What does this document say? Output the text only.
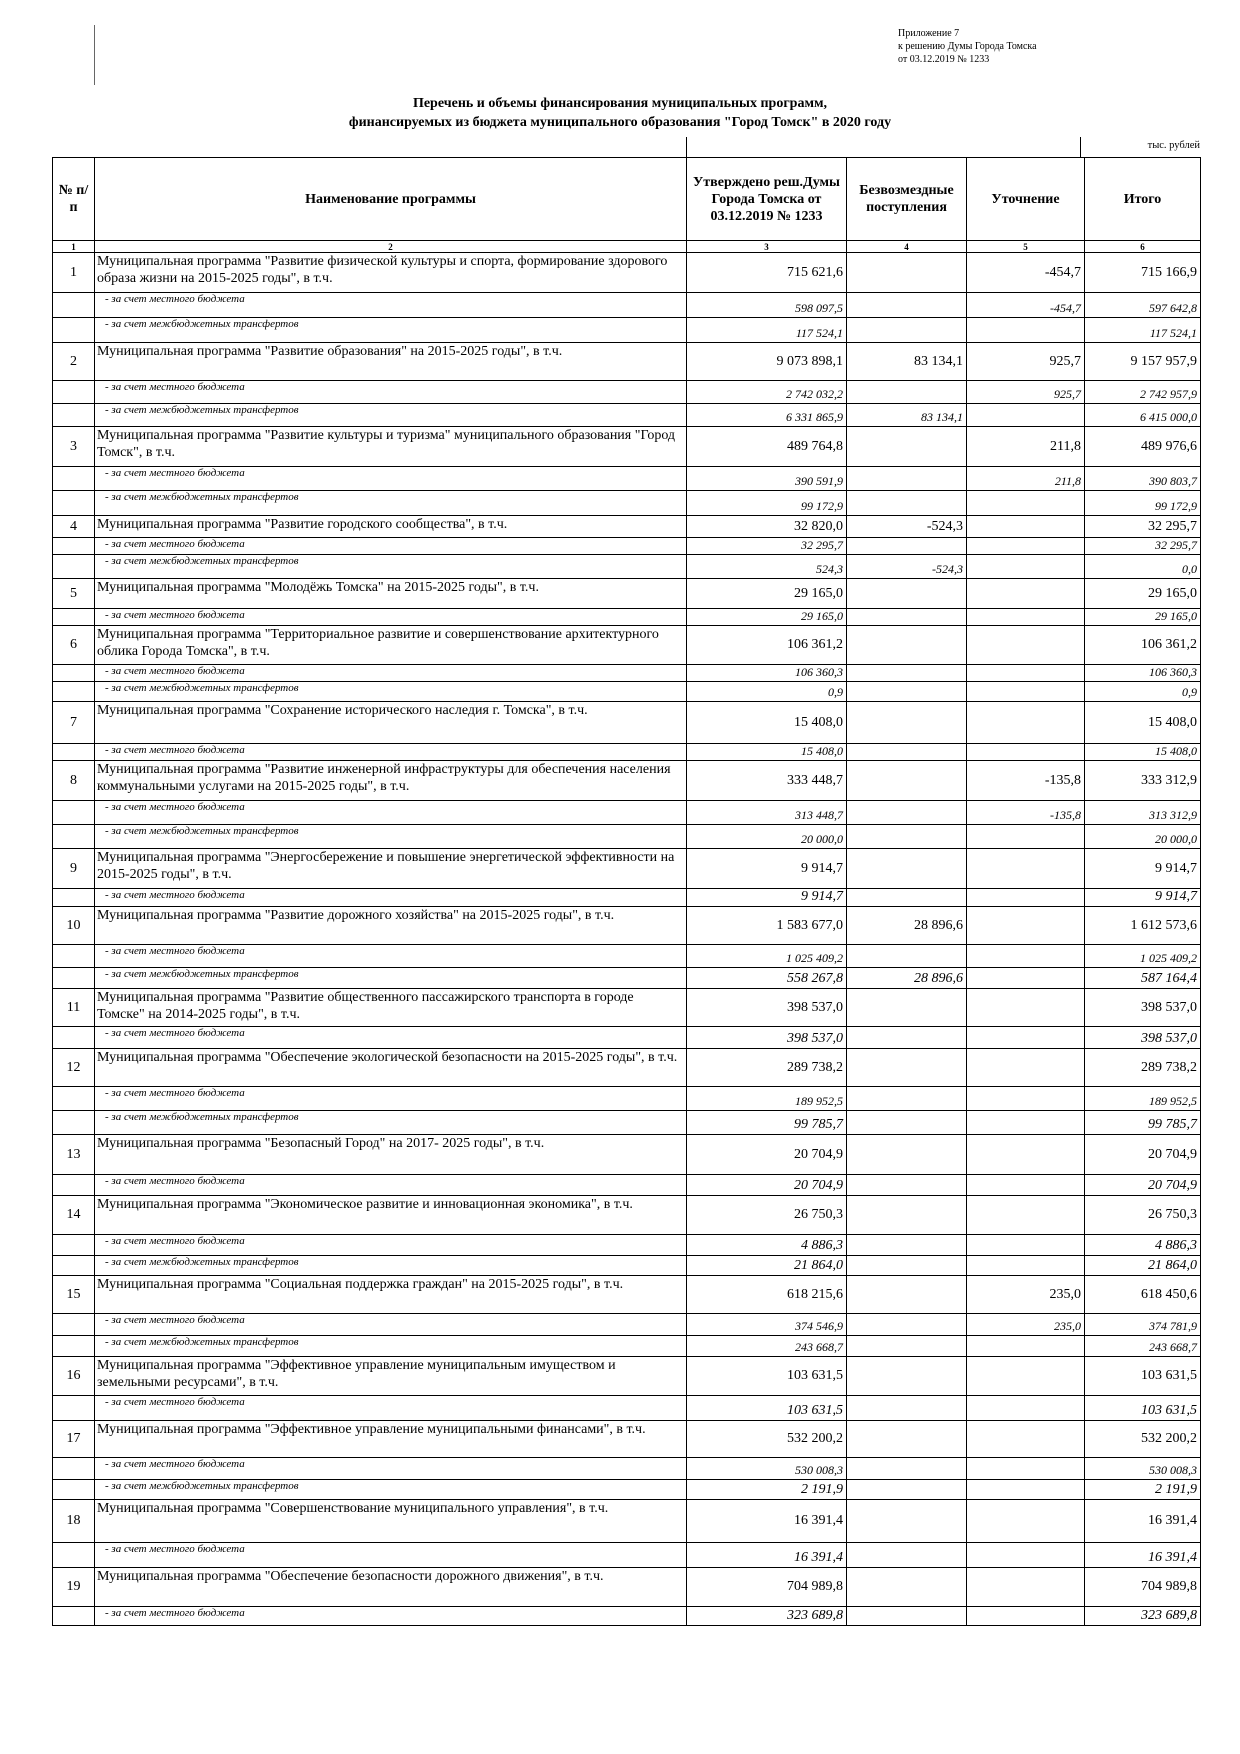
Приложение 7
к решению Думы Города Томска
от 03.12.2019 № 1233
Перечень и объемы финансирования муниципальных программ,
финансируемых из бюджета муниципального образования "Город Томск" в 2020 году
тыс. рублей
№ п/п	Наименование программы	Утверждено реш.Думы Города Томска от 03.12.2019 № 1233	Безвозмездные поступления	Уточнение	Итого
1	2	3	4	5	6
1	Муниципальная программа "Развитие физической культуры и спорта, формирование здорового образа жизни на 2015-2025 годы", в т.ч.	715 621,6		-454,7	715 166,9
	- за счет местного бюджета	598 097,5		-454,7	597 642,8
	- за счет межбюджетных трансфертов	117 524,1			117 524,1
2	Муниципальная программа "Развитие образования" на 2015-2025 годы", в т.ч.	9 073 898,1	83 134,1	925,7	9 157 957,9
	- за счет местного бюджета	2 742 032,2		925,7	2 742 957,9
	- за счет межбюджетных трансфертов	6 331 865,9	83 134,1		6 415 000,0
3	Муниципальная программа "Развитие культуры и туризма" муниципального образования "Город Томск", в т.ч.	489 764,8		211,8	489 976,6
	- за счет местного бюджета	390 591,9		211,8	390 803,7
	- за счет межбюджетных трансфертов	99 172,9			99 172,9
4	Муниципальная программа "Развитие городского сообщества", в т.ч.	32 820,0	-524,3		32 295,7
	- за счет местного бюджета	32 295,7			32 295,7
	- за счет межбюджетных трансфертов	524,3	-524,3		0,0
5	Муниципальная программа "Молодёжь Томска" на 2015-2025 годы", в т.ч.	29 165,0			29 165,0
	- за счет местного бюджета	29 165,0			29 165,0
6	Муниципальная программа "Территориальное развитие и совершенствование архитектурного облика Города Томска", в т.ч.	106 361,2			106 361,2
	- за счет местного бюджета	106 360,3			106 360,3
	- за счет межбюджетных трансфертов	0,9			0,9
7	Муниципальная программа "Сохранение исторического наследия г. Томска", в т.ч.	15 408,0			15 408,0
	- за счет местного бюджета	15 408,0			15 408,0
8	Муниципальная программа "Развитие инженерной инфраструктуры для обеспечения населения коммунальными услугами на 2015-2025 годы", в т.ч.	333 448,7		-135,8	333 312,9
	- за счет местного бюджета	313 448,7		-135,8	313 312,9
	- за счет межбюджетных трансфертов	20 000,0			20 000,0
9	Муниципальная программа "Энергосбережение и повышение энергетической эффективности на 2015-2025 годы", в т.ч.	9 914,7			9 914,7
	- за счет местного бюджета	9 914,7			9 914,7
10	Муниципальная программа "Развитие дорожного хозяйства" на 2015-2025 годы", в т.ч.	1 583 677,0	28 896,6		1 612 573,6
	- за счет местного бюджета	1 025 409,2			1 025 409,2
	- за счет межбюджетных трансфертов	558 267,8	28 896,6		587 164,4
11	Муниципальная программа "Развитие общественного пассажирского транспорта в городе Томске" на 2014-2025 годы", в т.ч.	398 537,0			398 537,0
	- за счет местного бюджета	398 537,0			398 537,0
12	Муниципальная программа "Обеспечение экологической безопасности на 2015-2025 годы", в т.ч.	289 738,2			289 738,2
	- за счет местного бюджета	189 952,5			189 952,5
	- за счет межбюджетных трансфертов	99 785,7			99 785,7
13	Муниципальная программа "Безопасный Город" на 2017- 2025 годы", в т.ч.	20 704,9			20 704,9
	- за счет местного бюджета	20 704,9			20 704,9
14	Муниципальная программа "Экономическое развитие и инновационная экономика", в т.ч.	26 750,3			26 750,3
	- за счет местного бюджета	4 886,3			4 886,3
	- за счет межбюджетных трансфертов	21 864,0			21 864,0
15	Муниципальная программа "Социальная поддержка граждан" на 2015-2025 годы", в т.ч.	618 215,6		235,0	618 450,6
	- за счет местного бюджета	374 546,9		235,0	374 781,9
	- за счет межбюджетных трансфертов	243 668,7			243 668,7
16	Муниципальная программа "Эффективное управление муниципальным имуществом и земельными ресурсами", в т.ч.	103 631,5			103 631,5
	- за счет местного бюджета	103 631,5			103 631,5
17	Муниципальная программа "Эффективное управление муниципальными финансами", в т.ч.	532 200,2			532 200,2
	- за счет местного бюджета	530 008,3			530 008,3
	- за счет межбюджетных трансфертов	2 191,9			2 191,9
18	Муниципальная программа "Совершенствование муниципального управления", в т.ч.	16 391,4			16 391,4
	- за счет местного бюджета	16 391,4			16 391,4
19	Муниципальная программа "Обеспечение безопасности дорожного движения", в т.ч.	704 989,8			704 989,8
	- за счет местного бюджета	323 689,8			323 689,8
